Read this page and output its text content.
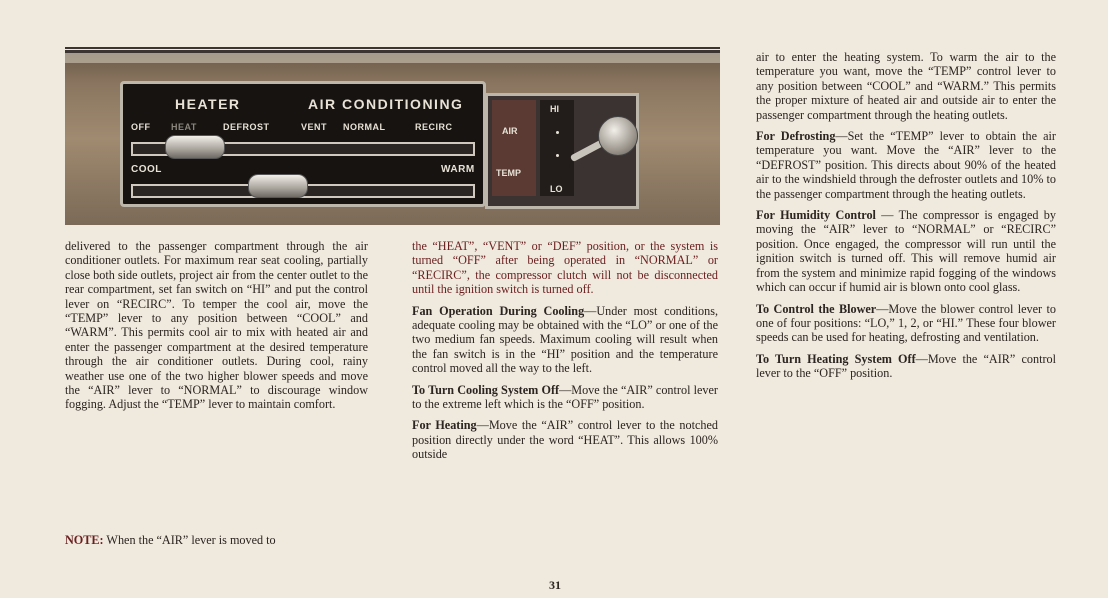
HEATER	AIR CONDITIONING
OFF HEAT	DEFROST	VENT NORMAL	RECIRC
COOL	WARM
AIR
TEMP
HI
LO

delivered to the passenger compartment through the air conditioner outlets. For maximum rear seat cooling, partially close both side outlets, project air from the center outlet to the rear compartment, set fan switch on “HI” and put the control lever on “RECIRC”. To temper the cool air, move the “TEMP” lever to any position between “COOL” and “WARM”. This permits cool air to mix with heated air and enter the passenger compartment at the desired temperature through the air conditioner outlets. During cool, rainy weather use one of the two higher blower speeds and move the “AIR” lever to “NORMAL” to discourage window fogging. Adjust the “TEMP” lever to maintain comfort.

NOTE: When the “AIR” lever is moved to

the “HEAT”, “VENT” or “DEF” position, or the system is turned “OFF” after being operated in “NORMAL” or “RECIRC”, the compressor clutch will not be disconnected until the ignition switch is turned off.

Fan Operation During Cooling—Under most conditions, adequate cooling may be obtained with the “LO” or one of the two medium fan speeds. Maximum cooling will result when the fan switch is in the “HI” position and the temperature control moved all the way to the left.

To Turn Cooling System Off—Move the “AIR” control lever to the extreme left which is the “OFF” position.

For Heating—Move the “AIR” control lever to the notched position directly under the word “HEAT”. This allows 100% outside

air to enter the heating system. To warm the air to the temperature you want, move the “TEMP” control lever to any position between “COOL” and “WARM.” This permits the proper mixture of heated air and outside air to enter the passenger compartment through the heating outlets.

For Defrosting—Set the “TEMP” lever to obtain the air temperature you want. Move the “AIR” lever to the “DEFROST” position. This directs about 90% of the heated air to the windshield through the defroster outlets and 10% to the passenger compartment through the heating outlets.

For Humidity Control — The compressor is engaged by moving the “AIR” lever to “NORMAL” or “RECIRC” position. Once engaged, the compressor will run until the ignition switch is turned off. This will remove humid air from the system and minimize rapid fogging of the windows which can occur if humid air is blown onto cool glass.

To Control the Blower—Move the blower control lever to one of four positions: “LO,” 1, 2, or “HI.” These four blower speeds can be used for heating, defrosting and ventilation.

To Turn Heating System Off—Move the “AIR” control lever to the “OFF” position.

31
